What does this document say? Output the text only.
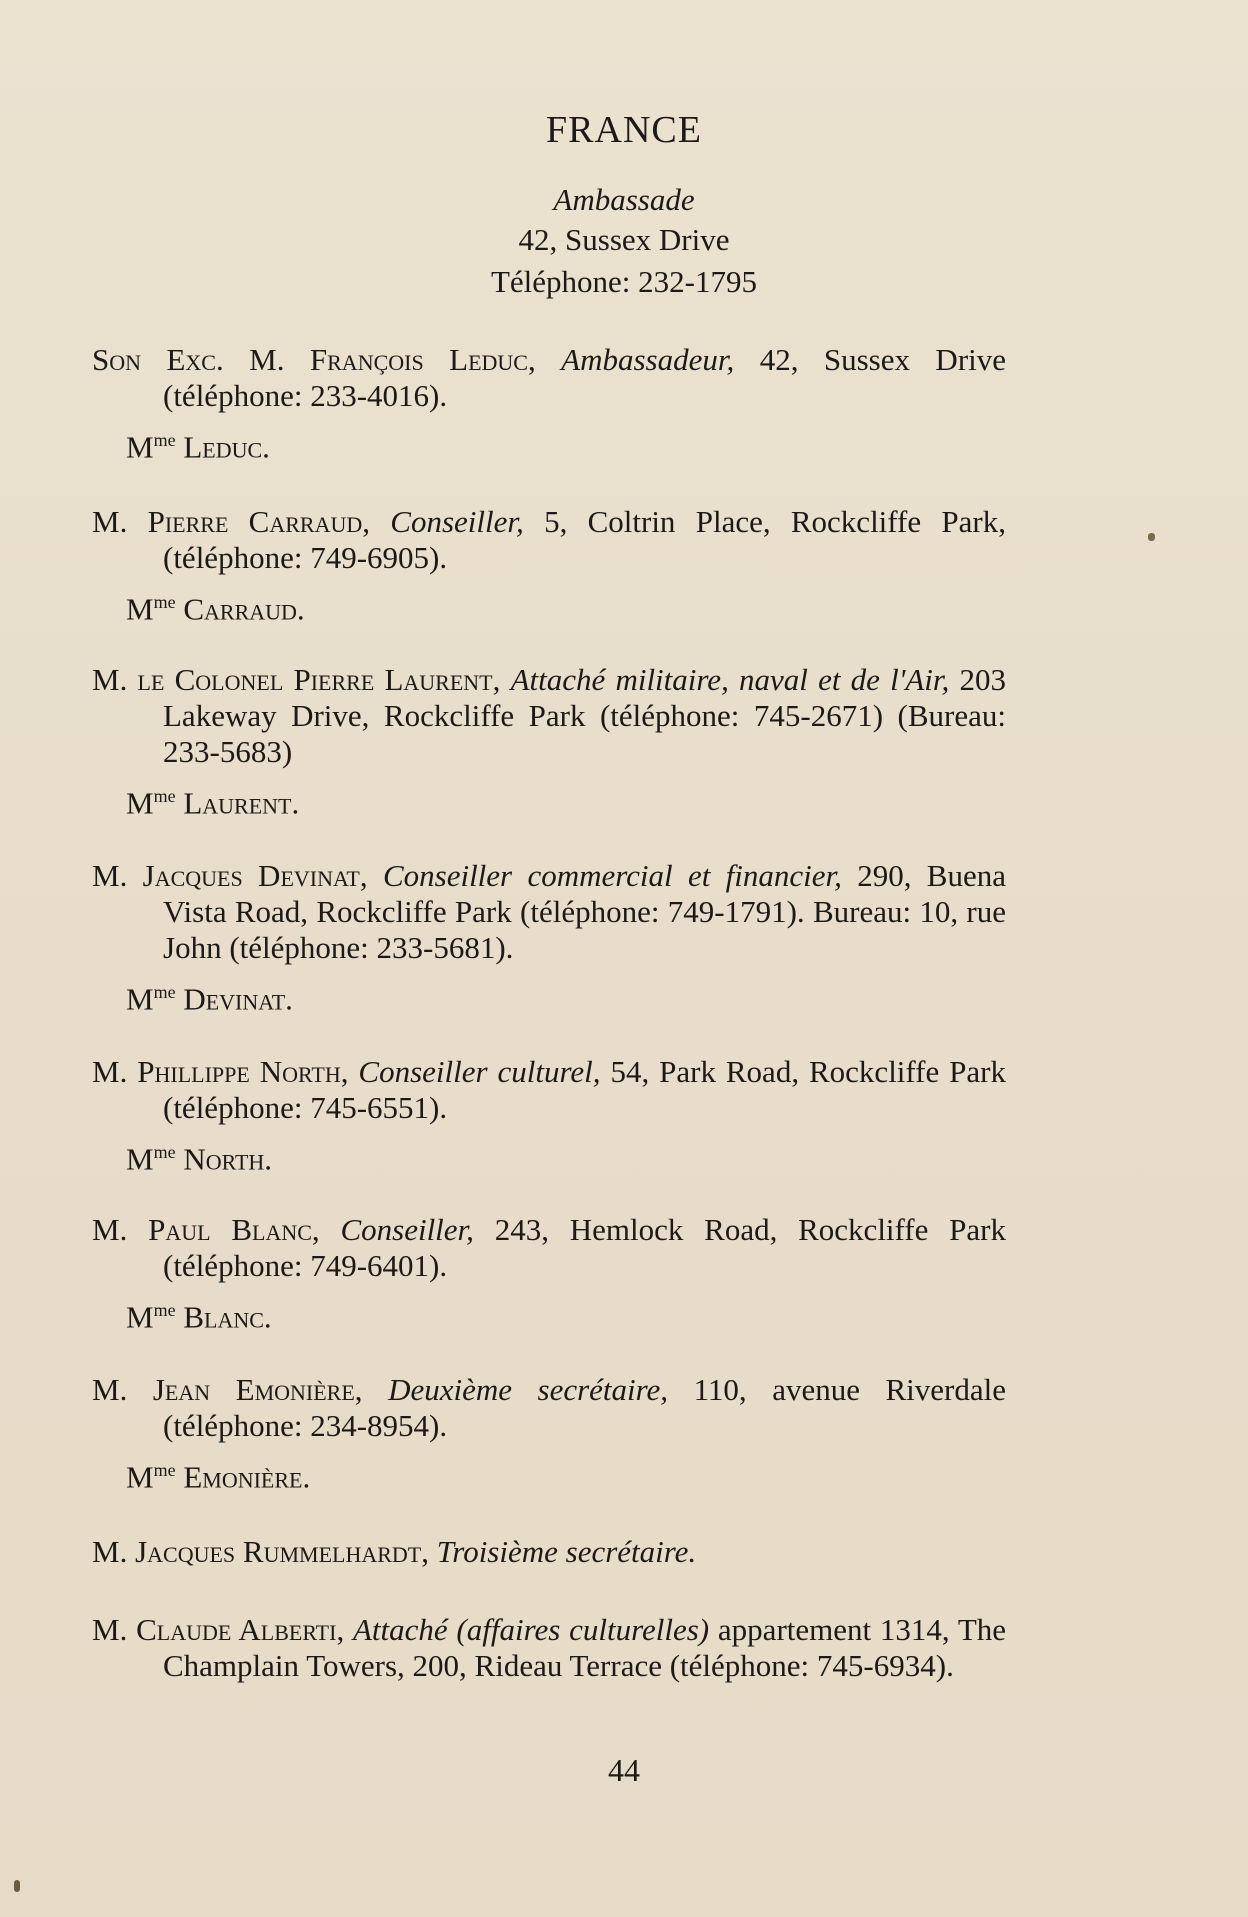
FRANCE
Ambassade
42, Sussex Drive
Téléphone: 232-1795

Son Exc. M. François Leduc, Ambassadeur, 42, Sussex Drive (téléphone: 233-4016).

$M^{me}$ Leduc.

M. Pierre Carraud, Conseiller, 5, Coltrin Place, Rockcliffe Park, (téléphone: 749-6905).

$M^{me}$ Carraud.

M. le Colonel Pierre Laurent, Attaché militaire, naval et de l'Air, 203 Lakeway Drive, Rockcliffe Park (téléphone: 745-2671) (Bureau: 233-5683)

$M^{me}$ Laurent.

M. Jacques Devinat, Conseiller commercial et financier, 290, Buena Vista Road, Rockcliffe Park (téléphone: 749-1791). Bureau: 10, rue John (téléphone: 233-5681).

$M^{me}$ Devinat.

M. Phillippe North, Conseiller culturel, 54, Park Road, Rockcliffe Park (téléphone: 745-6551).

$M^{me}$ North.

M. Paul Blanc, Conseiller, 243, Hemlock Road, Rockcliffe Park (téléphone: 749-6401).

$M^{me}$ Blanc.

M. Jean Emonière, Deuxième secrétaire, 110, avenue Riverdale (téléphone: 234-8954).

$M^{me}$ Emonière.

M. Jacques Rummelhardt, Troisième secrétaire.

M. Claude Alberti, Attaché (affaires culturelles) appartement 1314, The Champlain Towers, 200, Rideau Terrace (téléphone: 745-6934).

44
